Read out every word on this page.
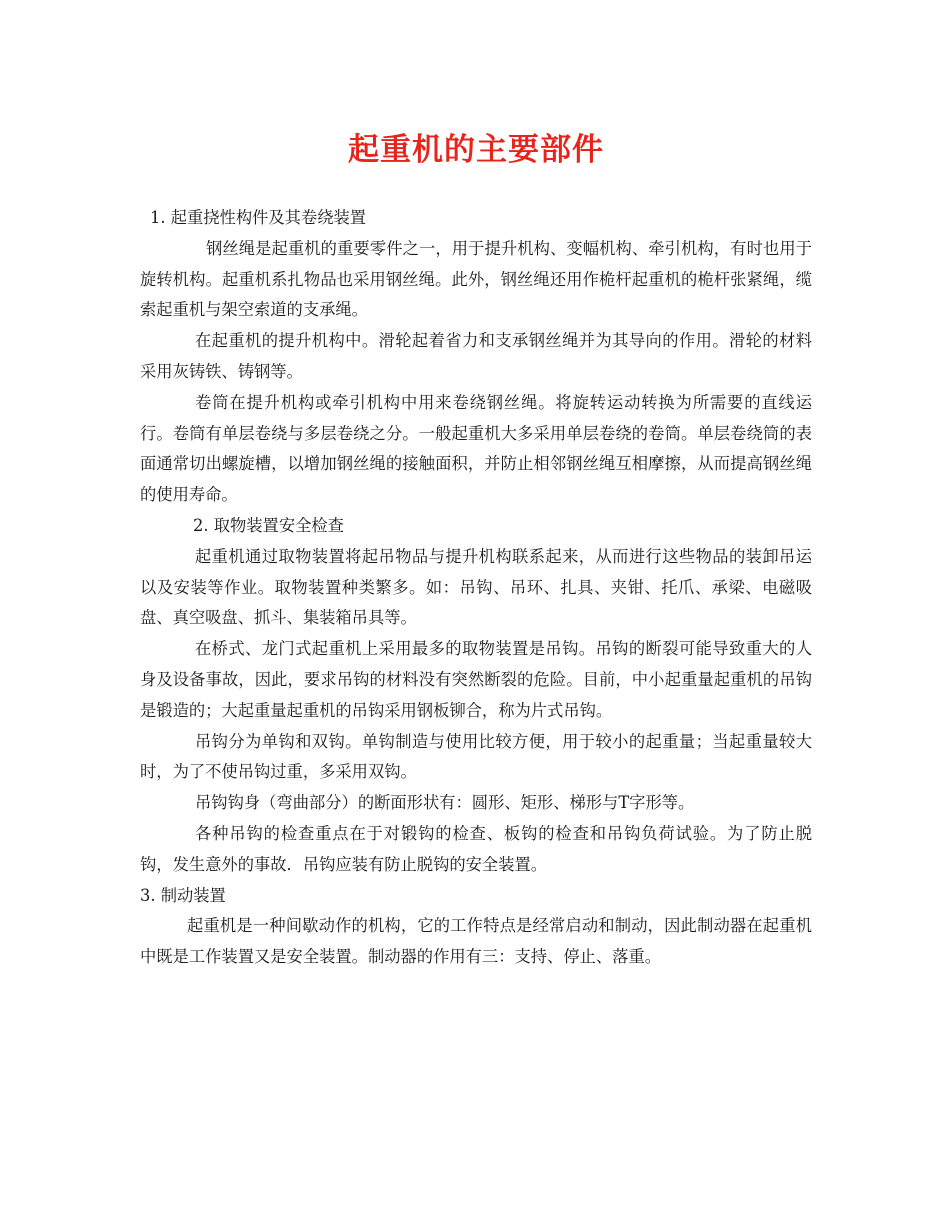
起重机的主要部件

1. 起重挠性构件及其卷绕装置

钢丝绳是起重机的重要零件之一，用于提升机构、变幅机构、牵引机构，有时也用于旋转机构。起重机系扎物品也采用钢丝绳。此外，钢丝绳还用作桅杆起重机的桅杆张紧绳，缆索起重机与架空索道的支承绳。

在起重机的提升机构中。滑轮起着省力和支承钢丝绳并为其导向的作用。滑轮的材料采用灰铸铁、铸钢等。

卷筒在提升机构或牵引机构中用来卷绕钢丝绳。将旋转运动转换为所需要的直线运行。卷筒有单层卷绕与多层卷绕之分。一般起重机大多采用单层卷绕的卷筒。单层卷绕筒的表面通常切出螺旋槽，以增加钢丝绳的接触面积，并防止相邻钢丝绳互相摩擦，从而提高钢丝绳的使用寿命。

2. 取物装置安全检查

起重机通过取物装置将起吊物品与提升机构联系起来，从而进行这些物品的装卸吊运以及安装等作业。取物装置种类繁多。如：吊钩、吊环、扎具、夹钳、托爪、承梁、电磁吸盘、真空吸盘、抓斗、集装箱吊具等。

在桥式、龙门式起重机上采用最多的取物装置是吊钩。吊钩的断裂可能导致重大的人身及设备事故，因此，要求吊钩的材料没有突然断裂的危险。目前，中小起重量起重机的吊钩是锻造的；大起重量起重机的吊钩采用钢板铆合，称为片式吊钩。

吊钩分为单钩和双钩。单钩制造与使用比较方便，用于较小的起重量；当起重量较大时，为了不使吊钩过重，多采用双钩。

吊钩钩身（弯曲部分）的断面形状有：圆形、矩形、梯形与T字形等。

各种吊钩的检查重点在于对锻钩的检查、板钩的检查和吊钩负荷试验。为了防止脱钩，发生意外的事故．吊钩应装有防止脱钩的安全装置。

3. 制动装置

起重机是一种间歇动作的机构，它的工作特点是经常启动和制动，因此制动器在起重机中既是工作装置又是安全装置。制动器的作用有三：支持、停止、落重。
